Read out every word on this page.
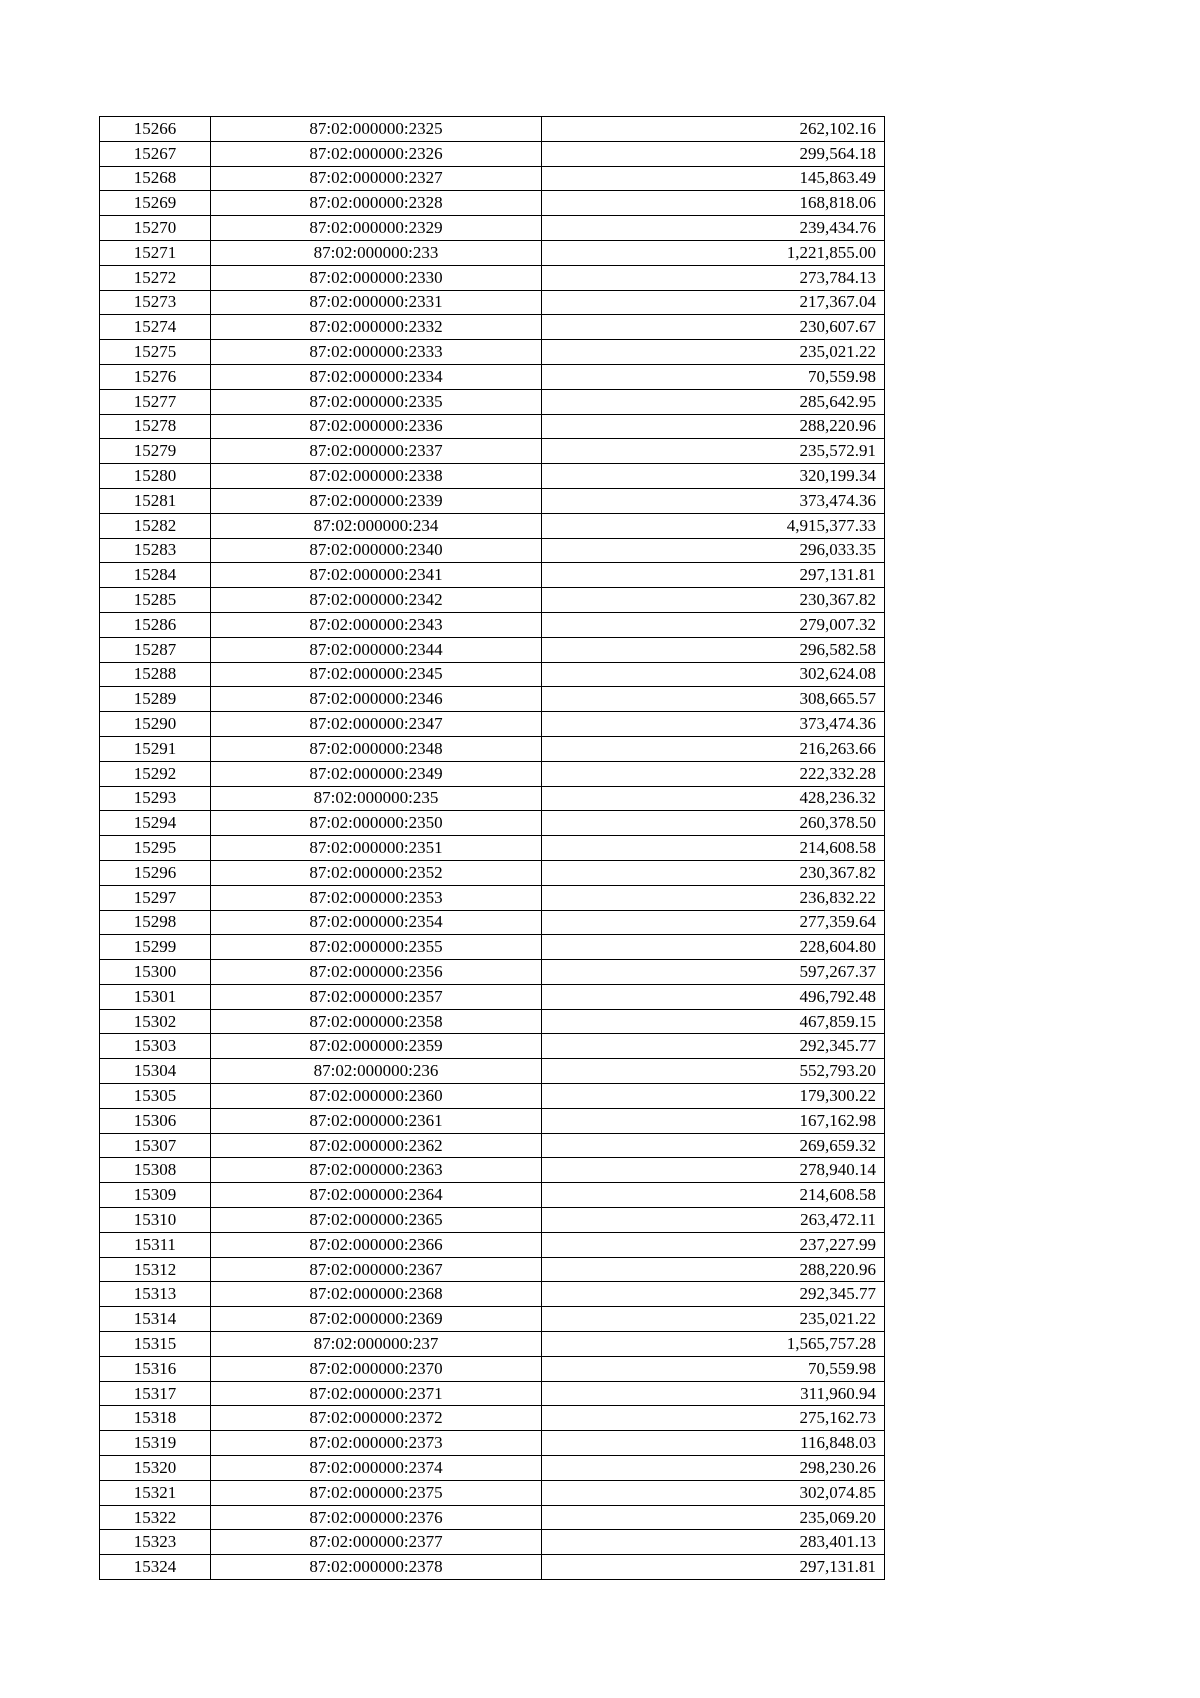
15266	87:02:000000:2325	262,102.16
15267	87:02:000000:2326	299,564.18
15268	87:02:000000:2327	145,863.49
15269	87:02:000000:2328	168,818.06
15270	87:02:000000:2329	239,434.76
15271	87:02:000000:233	1,221,855.00
15272	87:02:000000:2330	273,784.13
15273	87:02:000000:2331	217,367.04
15274	87:02:000000:2332	230,607.67
15275	87:02:000000:2333	235,021.22
15276	87:02:000000:2334	70,559.98
15277	87:02:000000:2335	285,642.95
15278	87:02:000000:2336	288,220.96
15279	87:02:000000:2337	235,572.91
15280	87:02:000000:2338	320,199.34
15281	87:02:000000:2339	373,474.36
15282	87:02:000000:234	4,915,377.33
15283	87:02:000000:2340	296,033.35
15284	87:02:000000:2341	297,131.81
15285	87:02:000000:2342	230,367.82
15286	87:02:000000:2343	279,007.32
15287	87:02:000000:2344	296,582.58
15288	87:02:000000:2345	302,624.08
15289	87:02:000000:2346	308,665.57
15290	87:02:000000:2347	373,474.36
15291	87:02:000000:2348	216,263.66
15292	87:02:000000:2349	222,332.28
15293	87:02:000000:235	428,236.32
15294	87:02:000000:2350	260,378.50
15295	87:02:000000:2351	214,608.58
15296	87:02:000000:2352	230,367.82
15297	87:02:000000:2353	236,832.22
15298	87:02:000000:2354	277,359.64
15299	87:02:000000:2355	228,604.80
15300	87:02:000000:2356	597,267.37
15301	87:02:000000:2357	496,792.48
15302	87:02:000000:2358	467,859.15
15303	87:02:000000:2359	292,345.77
15304	87:02:000000:236	552,793.20
15305	87:02:000000:2360	179,300.22
15306	87:02:000000:2361	167,162.98
15307	87:02:000000:2362	269,659.32
15308	87:02:000000:2363	278,940.14
15309	87:02:000000:2364	214,608.58
15310	87:02:000000:2365	263,472.11
15311	87:02:000000:2366	237,227.99
15312	87:02:000000:2367	288,220.96
15313	87:02:000000:2368	292,345.77
15314	87:02:000000:2369	235,021.22
15315	87:02:000000:237	1,565,757.28
15316	87:02:000000:2370	70,559.98
15317	87:02:000000:2371	311,960.94
15318	87:02:000000:2372	275,162.73
15319	87:02:000000:2373	116,848.03
15320	87:02:000000:2374	298,230.26
15321	87:02:000000:2375	302,074.85
15322	87:02:000000:2376	235,069.20
15323	87:02:000000:2377	283,401.13
15324	87:02:000000:2378	297,131.81
